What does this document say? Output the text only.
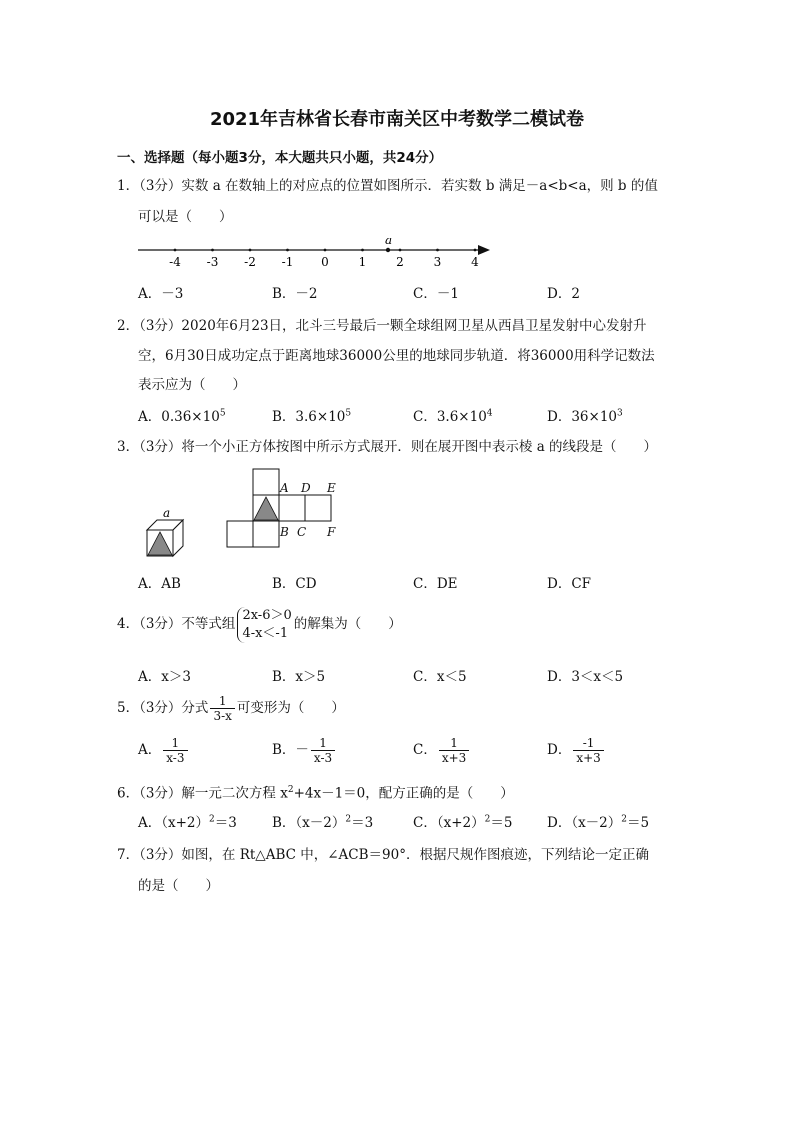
2021年吉林省长春市南关区中考数学二模试卷
一、选择题（每小题3分，本大题共只小题，共24分）
1．（3分）实数 a 在数轴上的对应点的位置如图所示．若实数 b 满足－a<b<a，则 b 的值
可以是（　　）
-4 -3 -2 -1 0 1 2 3 4
a
A．－3	B．－2	C．－1	D．2
2．（3分）2020年6月23日，北斗三号最后一颗全球组网卫星从西昌卫星发射中心发射升
空，6月30日成功定点于距离地球36000公里的地球同步轨道．将36000用科学记数法
表示应为（　　）
A．$0.36\times 10^5$	B．$3.6\times 10^5$	C．$3.6\times 10^4$	D．$36\times 10^3$
3．（3分）将一个小正方体按图中所示方式展开．则在展开图中表示棱 a 的线段是（　　）
a
A D E
B C F
A．AB	B．CD	C．DE	D．CF
4．（3分）不等式组
2x-6＞0
4-x＜-1
的解集为（　　）
A．x＞3	B．x＞5	C．x＜5	D．3＜x＜5
5．（3分）分式 $\frac{1}{3-x}$ 可变形为（　　）
A． $\frac{1}{x-3}$	B．－ $\frac{1}{x-3}$	C． $\frac{1}{x+3}$	D． $\frac{-1}{x+3}$
6．（3分）解一元二次方程 $x^2+4x-1=0$，配方正确的是（　　）
A．$(x+2)^2=3$	B．$(x-2)^2=3$	C．$(x+2)^2=5$	D．$(x-2)^2=5$
7．（3分）如图，在 Rt△ABC 中，∠ACB＝90°．根据尺规作图痕迹，下列结论一定正确
的是（　　）
